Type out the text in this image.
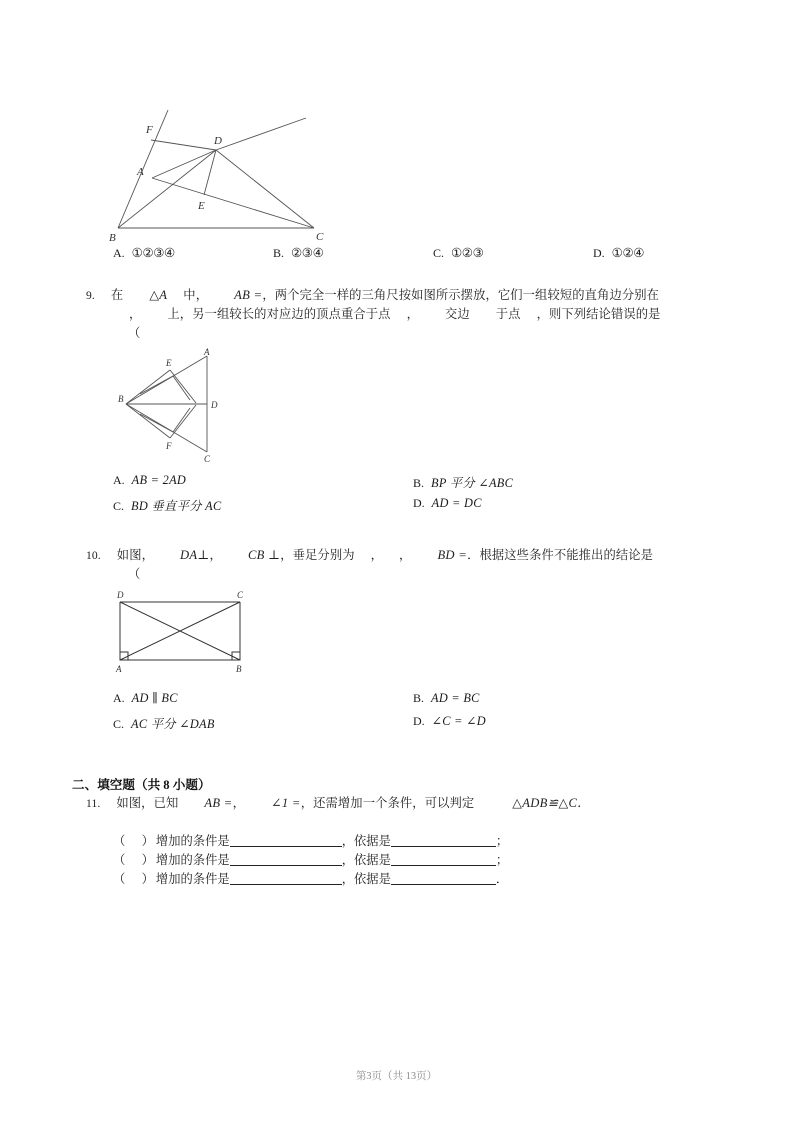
F
D
A
E
B	C
A. ①②③④	B. ②③④	C. ①②③	D. ①②④
9. 在 △A 中， AB =，两个完全一样的三角尺按如图所示摆放，它们一组较短的直角边分别在
， 上，另一组较长的对应边的顶点重合于点 ， 交边 于点 ，则下列结论错误的是
（
A
E
B
D
F
C
A. AB = 2AD	B. BP 平分 ∠ABC
C. BD 垂直平分 AC	D. AD = DC
10. 如图， DA⊥， CB ⊥，垂足分别为 ， ， BD =．根据这些条件不能推出的结论是
（
D	C
A	B
A. AD ∥ BC	B. AD = BC
C. AC 平分 ∠DAB	D. ∠C = ∠D
二、填空题（共 8 小题）
11. 如图，已知 AB =， ∠1 =，还需增加一个条件，可以判定	△ADB≌△C．
（　）增加的条件是	，依据是	；
（　）增加的条件是	，依据是	；
（　）增加的条件是	，依据是	．
第3页（共 13页）
